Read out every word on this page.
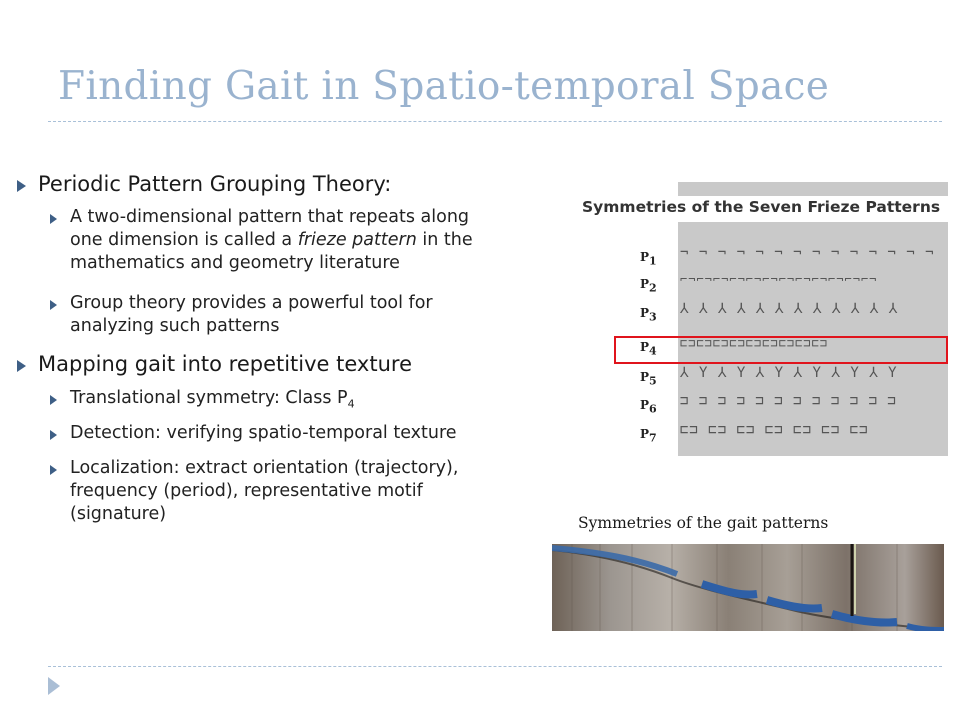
Finding Gait in Spatio-temporal Space
Periodic Pattern Grouping Theory:
A two-dimensional pattern that repeats along
one dimension is called a frieze pattern in the
mathematics and geometry literature
Group theory provides a powerful tool for
analyzing such patterns
Mapping gait into repetitive texture
Translational symmetry: Class $P_4$
Detection: verifying spatio-temporal texture
Localization: extract orientation (trajectory),
frequency (period), representative motif
(signature)
Symmetries of the Seven Frieze Patterns
$P_1$ ¬ ¬ ¬ ¬ ¬ ¬ ¬ ¬ ¬ ¬ ¬ ¬ ¬ ¬
$P_2$
⌐¬⌐¬⌐¬⌐¬⌐¬⌐¬⌐¬⌐¬⌐¬⌐¬⌐¬⌐¬
$P_3$ ⅄ ⅄ ⅄ ⅄ ⅄ ⅄ ⅄ ⅄ ⅄ ⅄ ⅄ ⅄
$P_4$
⊏⊐⊏⊐⊏⊐⊏⊐⊏⊐⊏⊐⊏⊐⊏⊐⊏⊐
$P_5$ ⅄ Y ⅄ Y ⅄ Y ⅄ Y ⅄ Y ⅄ Y
$P_6$ ⊐ ⊐ ⊐ ⊐ ⊐ ⊐ ⊐ ⊐ ⊐ ⊐ ⊐ ⊐
$P_7$ ⊏⊐ ⊏⊐ ⊏⊐ ⊏⊐ ⊏⊐ ⊏⊐ ⊏⊐
Symmetries of the gait patterns
